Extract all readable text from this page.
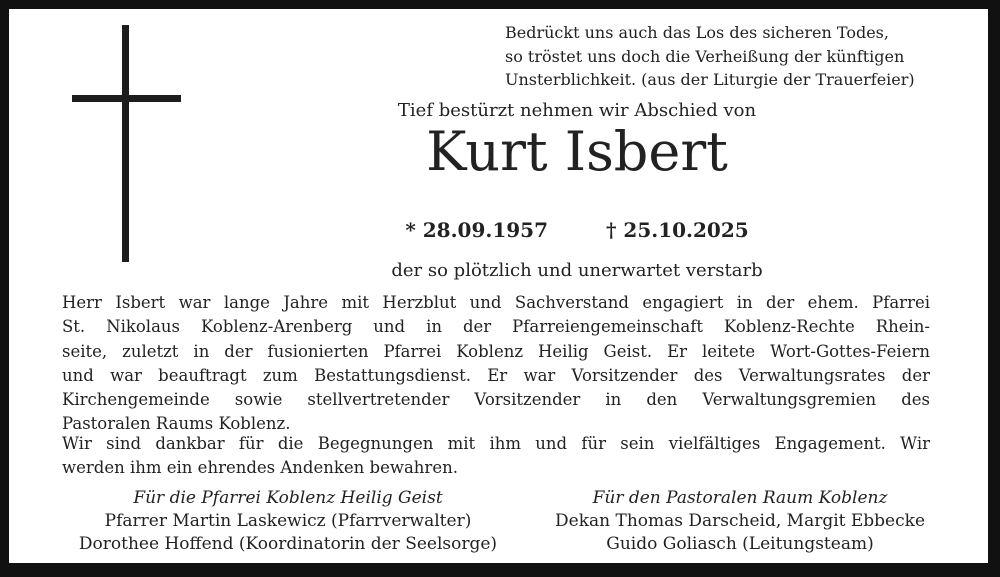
Bedrückt uns auch das Los des sicheren Todes,
so tröstet uns doch die Verheißung der künftigen
Unsterblichkeit. (aus der Liturgie der Trauerfeier)
Tief bestürzt nehmen wir Abschied von
Kurt Isbert
* 28.09.1957	† 25.10.2025
der so plötzlich und unerwartet verstarb
Herr Isbert war lange Jahre mit Herzblut und Sachverstand engagiert in der ehem. Pfarrei
St. Nikolaus Koblenz-Arenberg und in der Pfarreiengemeinschaft Koblenz-Rechte Rhein-
seite, zuletzt in der fusionierten Pfarrei Koblenz Heilig Geist. Er leitete Wort-Gottes-Feiern
und war beauftragt zum Bestattungsdienst. Er war Vorsitzender des Verwaltungsrates der
Kirchengemeinde sowie stellvertretender Vorsitzender in den Verwaltungsgremien des
Pastoralen Raums Koblenz.
Wir sind dankbar für die Begegnungen mit ihm und für sein vielfältiges Engagement. Wir
werden ihm ein ehrendes Andenken bewahren.
Für die Pfarrei Koblenz Heilig Geist
Pfarrer Martin Laskewicz (Pfarrverwalter)
Dorothee Hoffend (Koordinatorin der Seelsorge)
Für den Pastoralen Raum Koblenz
Dekan Thomas Darscheid, Margit Ebbecke
Guido Goliasch (Leitungsteam)
